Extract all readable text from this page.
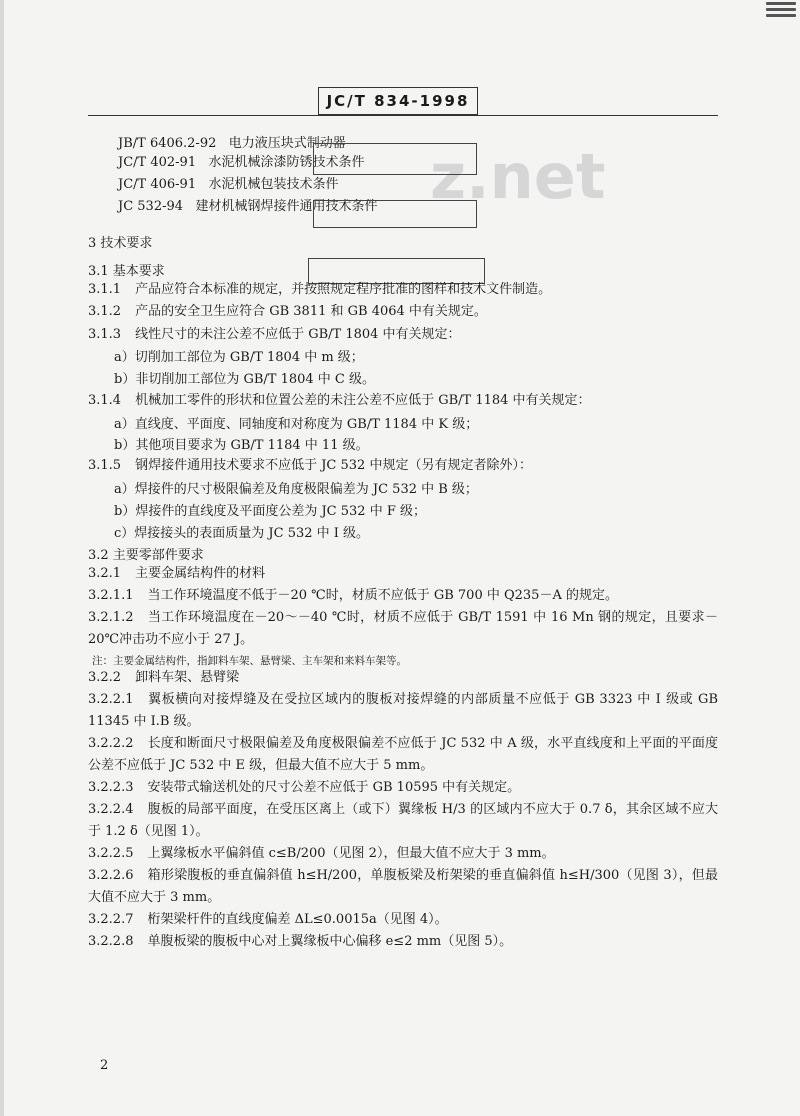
z.net
JC/T 834-1998
JB/T 6406.2-92 电力液压块式制动器
JC/T 402-91 水泥机械涂漆防锈技术条件
JC/T 406-91 水泥机械包装技术条件
JC 532-94 建材机械钢焊接件通用技术条件
3 技术要求
3.1 基本要求
3.1.1 产品应符合本标准的规定，并按照规定程序批准的图样和技术文件制造。
3.1.2 产品的安全卫生应符合 GB 3811 和 GB 4064 中有关规定。
3.1.3 线性尺寸的未注公差不应低于 GB/T 1804 中有关规定：
a）切削加工部位为 GB/T 1804 中 m 级；
b）非切削加工部位为 GB/T 1804 中 C 级。
3.1.4 机械加工零件的形状和位置公差的未注公差不应低于 GB/T 1184 中有关规定：
a）直线度、平面度、同轴度和对称度为 GB/T 1184 中 K 级；
b）其他项目要求为 GB/T 1184 中 11 级。
3.1.5 钢焊接件通用技术要求不应低于 JC 532 中规定（另有规定者除外）：
a）焊接件的尺寸极限偏差及角度极限偏差为 JC 532 中 B 级；
b）焊接件的直线度及平面度公差为 JC 532 中 F 级；
c）焊接接头的表面质量为 JC 532 中 Ⅰ 级。
3.2 主要零部件要求
3.2.1 主要金属结构件的材料
3.2.1.1 当工作环境温度不低于－20 ℃时，材质不应低于 GB 700 中 Q235－A 的规定。
3.2.1.2 当工作环境温度在－20～－40 ℃时，材质不应低于 GB/T 1591 中 16 Mn 钢的规定，且要求－20℃冲击功不应小于 27 J。
注：主要金属结构件，指卸料车架、悬臂梁、主车架和来料车架等。
3.2.2 卸料车架、悬臂梁
3.2.2.1 翼板横向对接焊缝及在受拉区域内的腹板对接焊缝的内部质量不应低于 GB 3323 中 Ⅰ 级或 GB 11345 中 Ⅰ.B 级。
3.2.2.2 长度和断面尺寸极限偏差及角度极限偏差不应低于 JC 532 中 A 级，水平直线度和上平面的平面度公差不应低于 JC 532 中 E 级，但最大值不应大于 5 mm。
3.2.2.3 安装带式输送机处的尺寸公差不应低于 GB 10595 中有关规定。
3.2.2.4 腹板的局部平面度，在受压区离上（或下）翼缘板 H/3 的区域内不应大于 0.7 δ，其余区域不应大于 1.2 δ（见图 1）。
3.2.2.5 上翼缘板水平偏斜值 c≤B/200（见图 2），但最大值不应大于 3 mm。
3.2.2.6 箱形梁腹板的垂直偏斜值 h≤H/200，单腹板梁及桁架梁的垂直偏斜值 h≤H/300（见图 3），但最大值不应大于 3 mm。
3.2.2.7 桁架梁杆件的直线度偏差 ΔL≤0.0015a（见图 4）。
3.2.2.8 单腹板梁的腹板中心对上翼缘板中心偏移 e≤2 mm（见图 5）。
2
